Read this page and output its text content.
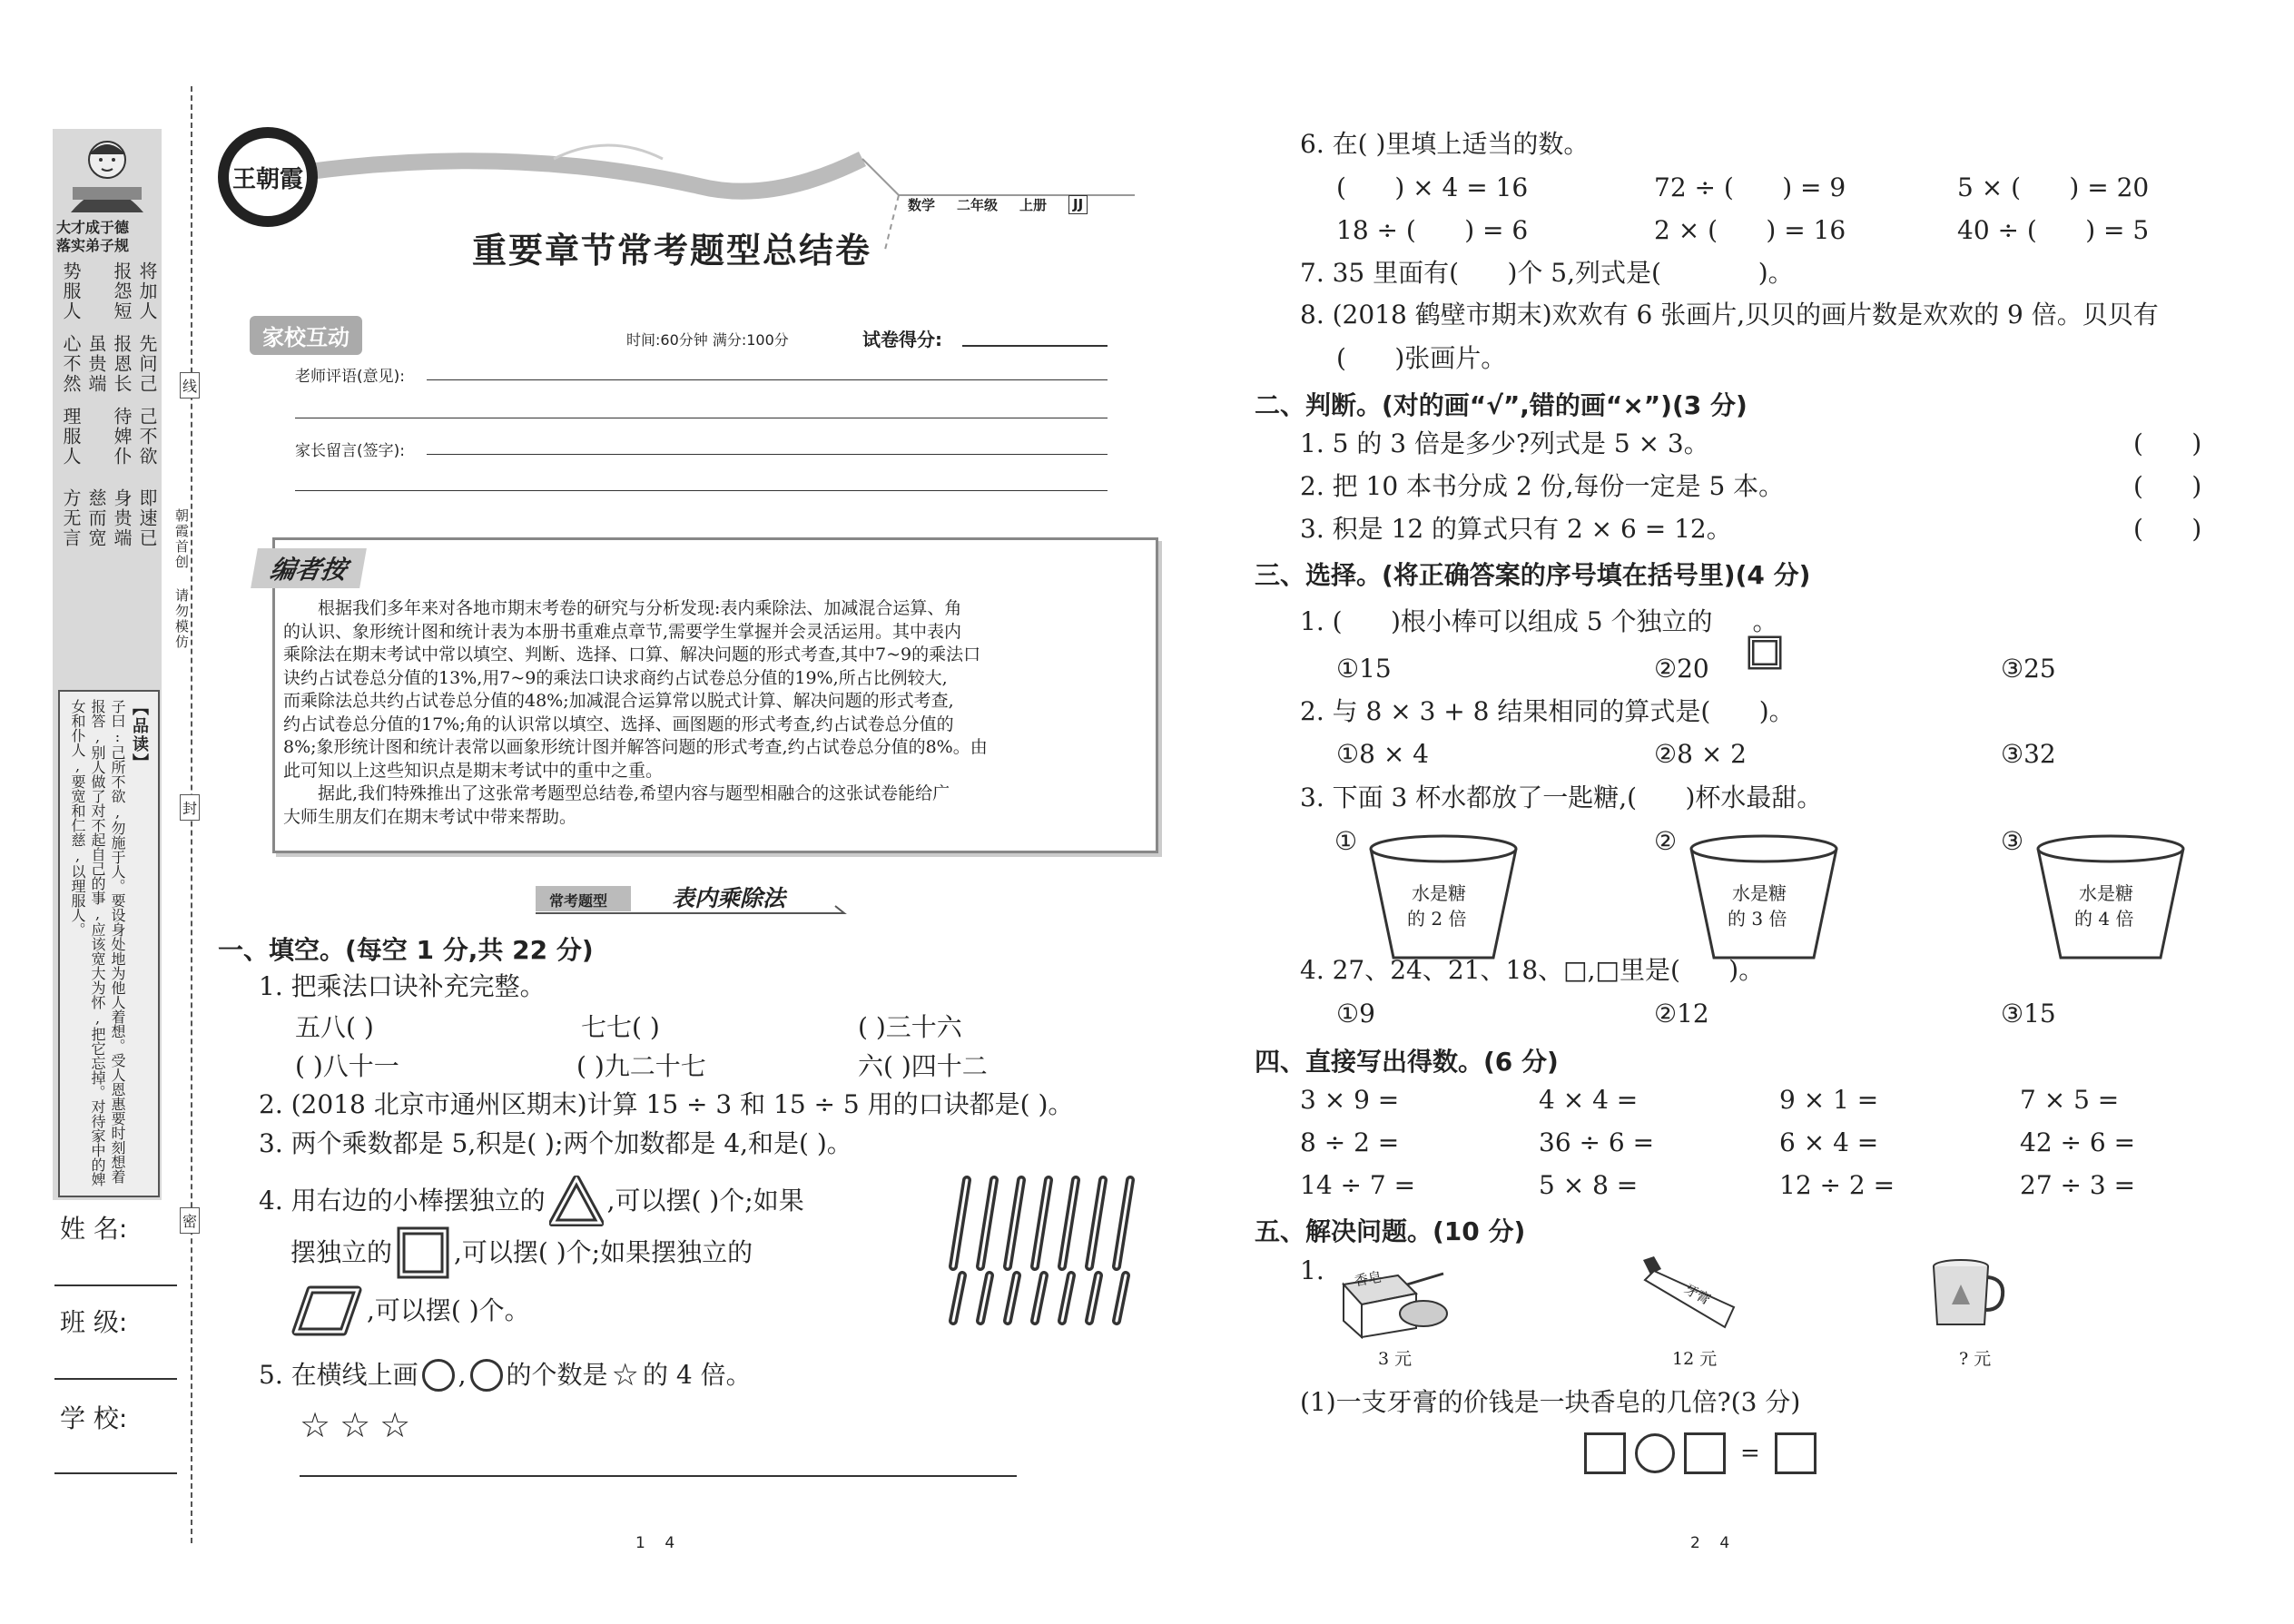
大才成于德
落实弟子规
将加人
先问己
己不欲
即速已
报怨短
报恩长
待婢仆
身贵端
虽贵端
慈而宽
势服人
心不然
理服人
方无言
【品读】
子曰:己所不欲,勿施于人。要设身处地为他人着想。受人恩惠要时刻想着报答,别人做了对不起自己的事,应该宽大为怀,把它忘掉。对待家中的婢女和仆人,要宽和仁慈,以理服人。
朝霞首创 请勿模仿
线
封
密
姓 名:
班 级:
学 校:
王朝霞
重要章节常考题型总结卷
数学 二年级 上册	JJ
家校互动	时间:60分钟 满分:100分	试卷得分:
老师评语(意见):
家长留言(签字):
编者按
根据我们多年来对各地市期末考卷的研究与分析发现:表内乘除法、加减混合运算、角
的认识、象形统计图和统计表为本册书重难点章节,需要学生掌握并会灵活运用。其中表内
乘除法在期末考试中常以填空、判断、选择、口算、解决问题的形式考查,其中7~9的乘法口
诀约占试卷总分值的13%,用7~9的乘法口诀求商约占试卷总分值的19%,所占比例较大,
而乘除法总共约占试卷总分值的48%;加减混合运算常以脱式计算、解决问题的形式考查,
约占试卷总分值的17%;角的认识常以填空、选择、画图题的形式考查,约占试卷总分值的
8%;象形统计图和统计表常以画象形统计图并解答问题的形式考查,约占试卷总分值的8%。由
此可知以上这些知识点是期末考试中的重中之重。
据此,我们特殊推出了这张常考题型总结卷,希望内容与题型相融合的这张试卷能给广
大师生朋友们在期末考试中带来帮助。
常考题型	表内乘除法
一、填空。(每空 1 分,共 22 分)
1. 把乘法口诀补充完整。
五八( )	七七( )	( )三十六
( )八十一	( )九二十七	六( )四十二
2. (2018 北京市通州区期末)计算 15 ÷ 3 和 15 ÷ 5 用的口诀都是( )。
3. 两个乘数都是 5,积是( );两个加数都是 4,和是( )。
4. 用右边的小棒摆独立的 ,可以摆( )个;如果
摆独立的 ,可以摆( )个;如果摆独立的
,可以摆( )个。
5. 在横线上画 , 的个数是 ☆ 的 4 倍。
☆☆☆
1    4
6. 在( )里填上适当的数。
(      ) × 4 = 16	72 ÷ (      ) = 9	5 × (      ) = 20
18 ÷ (      ) = 6	2 × (      ) = 16	40 ÷ (      ) = 5
7. 35 里面有(      )个 5,列式是(            )。
8. (2018 鹤壁市期末)欢欢有 6 张画片,贝贝的画片数是欢欢的 9 倍。贝贝有
(      )张画片。
二、判断。(对的画“√”,错的画“×”)(3 分)
1. 5 的 3 倍是多少?列式是 5 × 3。	(      )
2. 把 10 本书分成 2 份,每份一定是 5 本。	(      )
3. 积是 12 的算式只有 2 × 6 = 12。	(      )
三、选择。(将正确答案的序号填在括号里)(4 分)
1. (      )根小棒可以组成 5 个独立的

。
①15	②20	③25
2. 与 8 × 3 + 8 结果相同的算式是(      )。
①8 × 4	②8 × 2	③32
3. 下面 3 杯水都放了一匙糖,(      )杯水最甜。
①
水是糖
的 2 倍
②
水是糖
的 3 倍
③
水是糖
的 4 倍
4. 27、24、21、18、□,□里是(      )。
①9	②12	③15
四、直接写出得数。(6 分)
3 × 9 =	4 × 4 =	9 × 1 =	7 × 5 =
8 ÷ 2 =	36 ÷ 6 =	6 × 4 =	42 ÷ 6 =
14 ÷ 7 =	5 × 8 =	12 ÷ 2 =	27 ÷ 3 =
五、解决问题。(10 分)
1. 香皂
3 元
牙膏
12 元	? 元
(1)一支牙膏的价钱是一块香皂的几倍?(3 分)
=
2    4
